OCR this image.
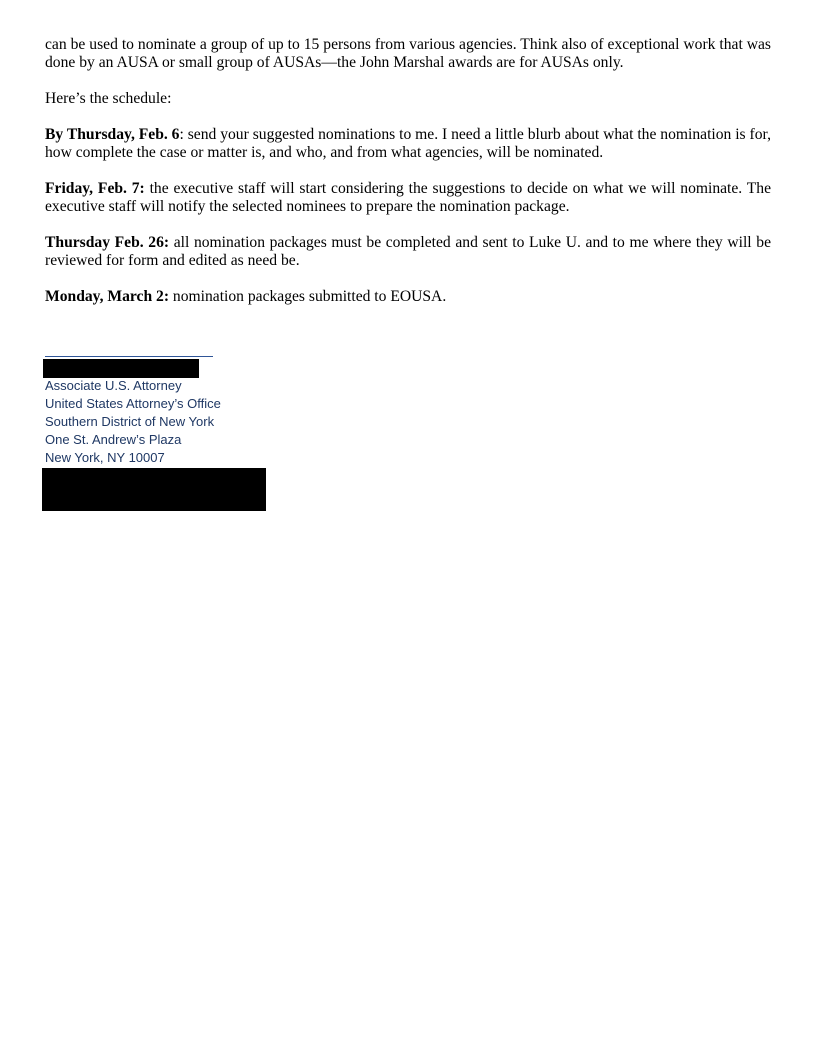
can be used to nominate a group of up to 15 persons from various agencies. Think also of exceptional work that was done by an AUSA or small group of AUSAs—the John Marshal awards are for AUSAs only.

Here’s the schedule:

By Thursday, Feb. 6: send your suggested nominations to me. I need a little blurb about what the nomination is for, how complete the case or matter is, and who, and from what agencies, will be nominated.

Friday, Feb. 7: the executive staff will start considering the suggestions to decide on what we will nominate. The executive staff will notify the selected nominees to prepare the nomination package.

Thursday Feb. 26: all nomination packages must be completed and sent to Luke U. and to me where they will be reviewed for form and edited as need be.

Monday, March 2: nomination packages submitted to EOUSA.

Associate U.S. Attorney
United States Attorney’s Office
Southern District of New York
One St. Andrew’s Plaza
New York, NY 10007
